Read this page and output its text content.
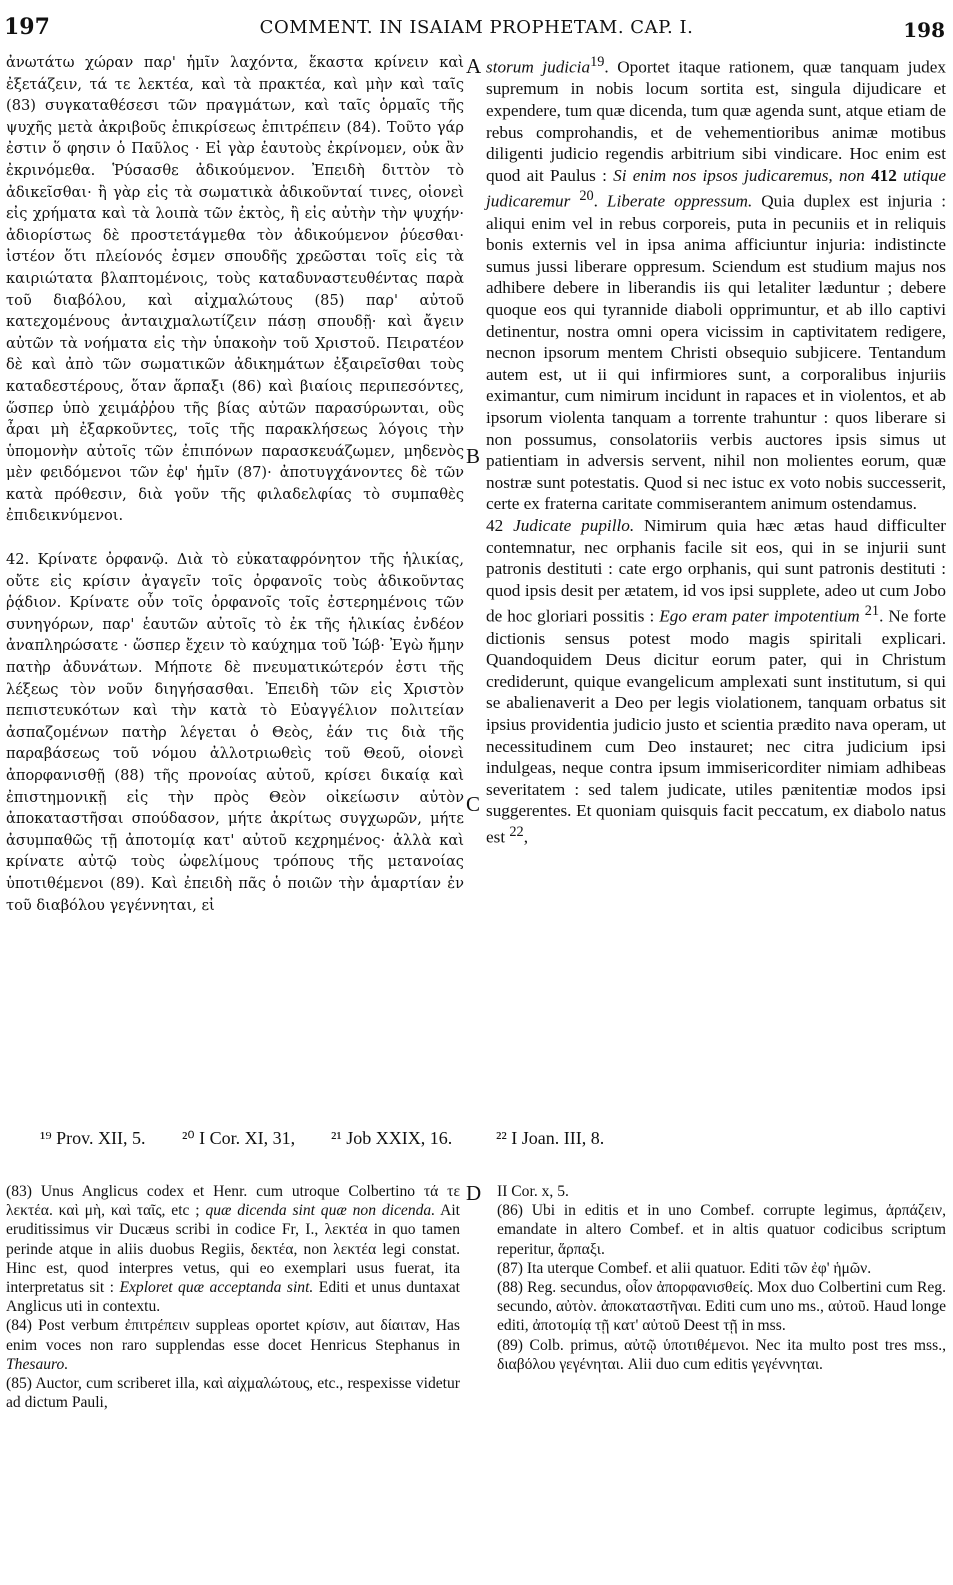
197	COMMENT. IN ISAIAM PROPHETAM. CAP. I.	198
A
B
C
D

ἀνωτάτω χώραν παρ' ἡμῖν λαχόντα, ἕκαστα κρίνειν καὶ ἐξετάζειν, τά τε λεκτέα, καὶ τὰ πρακτέα, καὶ μὴν καὶ ταῖς (83) συγκαταθέσεσι τῶν πραγμάτων, καὶ ταῖς ὁρμαῖς τῆς ψυχῆς μετὰ ἀκριβοῦς ἐπικρίσεως ἐπιτρέπειν (84). Τοῦτο γάρ ἐστιν ὅ φησιν ὁ Παῦλος · Εἰ γὰρ ἑαυτοὺς ἐκρίνομεν, οὐκ ἂν ἐκρινόμεθα. Ῥύσασθε ἀδικούμενον. Ἐπειδὴ διττὸν τὸ ἀδικεῖσθαι· ἢ γὰρ εἰς τὰ σωματικὰ ἀδικοῦνταί τινες, οἱονεὶ εἰς χρήματα καὶ τὰ λοιπὰ τῶν ἐκτὸς, ἢ εἰς αὐτὴν τὴν ψυχήν· ἀδιορίστως δὲ προστετάγμεθα τὸν ἀδικούμενον ῥύεσθαι· ἰστέον ὅτι πλείονός ἐσμεν σπουδῆς χρεῶσται τοῖς εἰς τὰ καιριώτατα βλαπτομένοις, τοὺς καταδυναστευθέντας παρὰ τοῦ διαβόλου, καὶ αἰχμαλώτους (85) παρ' αὐτοῦ κατεχομένους ἀνταιχμαλωτίζειν πάσῃ σπουδῇ· καὶ ἄγειν αὐτῶν τὰ νοήματα εἰς τὴν ὑπακοὴν τοῦ Χριστοῦ. Πειρατέον δὲ καὶ ἀπὸ τῶν σωματικῶν ἀδικημάτων ἐξαιρεῖσθαι τοὺς καταδεστέρους, ὅταν ἅρπαξι (86) καὶ βιαίοις περιπεσόντες, ὥσπερ ὑπὸ χειμάῤῥου τῆς βίας αὐτῶν παρασύρωνται, οὓς ἆραι μὴ ἐξαρκοῦντες, τοῖς τῆς παρακλήσεως λόγοις τὴν ὑπομονὴν αὐτοῖς τῶν ἐπιπόνων παρασκευάζωμεν, μηδενὸς μὲν φειδόμενοι τῶν ἐφ' ἡμῖν (87)· ἀποτυγχάνοντες δὲ τῶν κατὰ πρόθεσιν, διὰ γοῦν τῆς φιλαδελφίας τὸ συμπαθὲς ἐπιδεικνύμενοι.

42. Κρίνατε ὀρφανῷ. Διὰ τὸ εὐκαταφρόνητον τῆς ἡλικίας, οὔτε εἰς κρίσιν ἀγαγεῖν τοῖς ὀρφανοῖς τοὺς ἀδικοῦντας ῥᾴδιον. Κρίνατε οὖν τοῖς ὀρφανοῖς τοῖς ἐστερημένοις τῶν συνηγόρων, παρ' ἑαυτῶν αὐτοῖς τὸ ἐκ τῆς ἡλικίας ἐνδέον ἀναπληρώσατε · ὥσπερ ἔχειν τὸ καύχημα τοῦ Ἰώβ· Ἐγὼ ἤμην πατὴρ ἀδυνάτων. Μήποτε δὲ πνευματικώτερόν ἐστι τῆς λέξεως τὸν νοῦν διηγήσασθαι. Ἐπειδὴ τῶν εἰς Χριστὸν πεπιστευκότων καὶ τὴν κατὰ τὸ Εὐαγγέλιον πολιτείαν ἀσπαζομένων πατὴρ λέγεται ὁ Θεὸς, ἐάν τις διὰ τῆς παραβάσεως τοῦ νόμου ἀλλοτριωθεὶς τοῦ Θεοῦ, οἱονεὶ ἀπορφανισθῇ (88) τῆς προνοίας αὐτοῦ, κρίσει δικαίᾳ καὶ ἐπιστημονικῇ εἰς τὴν πρὸς Θεὸν οἰκείωσιν αὐτὸν ἀποκαταστῆσαι σπούδασον, μήτε ἀκρίτως συγχωρῶν, μήτε ἀσυμπαθῶς τῇ ἀποτομίᾳ κατ' αὐτοῦ κεχρημένος· ἀλλὰ καὶ κρίνατε αὐτῷ τοὺς ὠφελίμους τρόπους τῆς μετανοίας ὑποτιθέμενοι (89). Καὶ ἐπειδὴ πᾶς ὁ ποιῶν τὴν ἁμαρτίαν ἐν τοῦ διαβόλου γεγέννηται, εἰ

storum judicia$^{19}$. Oportet itaque rationem, quæ tanquam judex supremum in nobis locum sortita est, singula dijudicare et expendere, tum quæ dicenda, tum quæ agenda sunt, atque etiam de rebus comprohandis, et de vehementioribus animæ motibus diligenti judicio regendis arbitrium sibi vindicare. Hoc enim est quod ait Paulus : Si enim nos ipsos judicaremus, non 412 utique judicaremur $^{20}$. Liberate oppressum. Quia duplex est injuria : aliqui enim vel in rebus corporeis, puta in pecuniis et in reliquis bonis externis vel in ipsa anima afficiuntur injuria: indistincte sumus jussi liberare oppresum. Sciendum est studium majus nos adhibere debere in liberandis iis qui letaliter læduntur ; debere quoque eos qui tyrannide diaboli opprimuntur, et ab illo captivi detinentur, nostra omni opera vicissim in captivitatem redigere, necnon ipsorum mentem Christi obsequio subjicere. Tentandum autem est, ut ii qui infirmiores sunt, a corporalibus injuriis eximantur, cum nimirum incidunt in rapaces et in violentos, et ab ipsorum violenta tanquam a torrente trahuntur : quos liberare si non possumus, consolatoriis verbis auctores ipsis simus ut patientiam in adversis servent, nihil non molientes eorum, quæ nostræ sunt potestatis. Quod si nec istuc ex voto nobis successerit, certe ex fraterna caritate commiserantem animum ostendamus.

42 Judicate pupillo. Nimirum quia hæc ætas haud difficulter contemnatur, nec orphanis facile sit eos, qui in se injurii sunt patronis destituti : cate ergo orphanis, qui sunt patronis destituti : quod ipsis desit per ætatem, id vos ipsi supplete, adeo ut cum Jobo de hoc gloriari possitis : Ego eram pater impotentium $^{21}$. Ne forte dictionis sensus potest modo magis spiritali explicari. Quandoquidem Deus dicitur eorum pater, qui in Christum crediderunt, quique evangelicum amplexati sunt institutum, si qui se abalienaverit a Deo per legis violationem, tanquam orbatus sit ipsius providentia judicio justo et scientia prædito nava operam, ut necessitudinem cum Deo instauret; nec citra judicium ipsi indulgeas, neque contra ipsum immisericorditer nimiam adhibeas severitatem : sed talem judicate, utiles pænitentiæ modos ipsi suggerentes. Et quoniam quisquis facit peccatum, ex diabolo natus est $^{22}$,

¹⁹ Prov. XII, 5. ²⁰ I Cor. XI, 31, ²¹ Job XXIX, 16. ²² I Joan. III, 8.

(83) Unus Anglicus codex et Henr. cum utroque Colbertino τά τε λεκτέα. καὶ μὴ, καὶ ταῖς, etc ; quæ dicenda sint quæ non dicenda. Ait eruditissimus vir Ducæus scribi in codice Fr, I., λεκτέα in quo tamen perinde atque in aliis duobus Regiis, δεκτέα, non λεκτέα legi constat. Hinc est, quod interpres vetus, qui eo exemplari usus fuerat, ita interpretatus sit : Exploret quæ acceptanda sint. Editi et unus duntaxat Anglicus uti in contextu.

(84) Post verbum ἐπιτρέπειν suppleas oportet κρίσιν, aut δίαιταν, Has enim voces non raro supplendas esse docet Henricus Stephanus in Thesauro.

(85) Auctor, cum scriberet illa, καὶ αἰχμαλώτους, etc., respexisse videtur ad dictum Pauli,

II Cor. x, 5.

(86) Ubi in editis et in uno Combef. corrupte legimus, ἁρπάζειν, emandate in altero Combef. et in altis quatuor codicibus scriptum reperitur, ἅρπαξι.

(87) Ita uterque Combef. et alii quatuor. Editi τῶν ἐφ' ἡμῶν.

(88) Reg. secundus, οἷον ἀπορφανισθείς. Mox duo Colbertini cum Reg. secundo, αὐτὸν. ἀποκαταστῆναι. Editi cum uno ms., αὐτοῦ. Haud longe editi, ἀποτομίᾳ τῇ κατ' αὐτοῦ Deest τῇ in mss.

(89) Colb. primus, αὐτῷ ὑποτιθέμενοι. Nec ita multo post tres mss., διαβόλου γεγένηται. Alii duo cum editis γεγέννηται.
